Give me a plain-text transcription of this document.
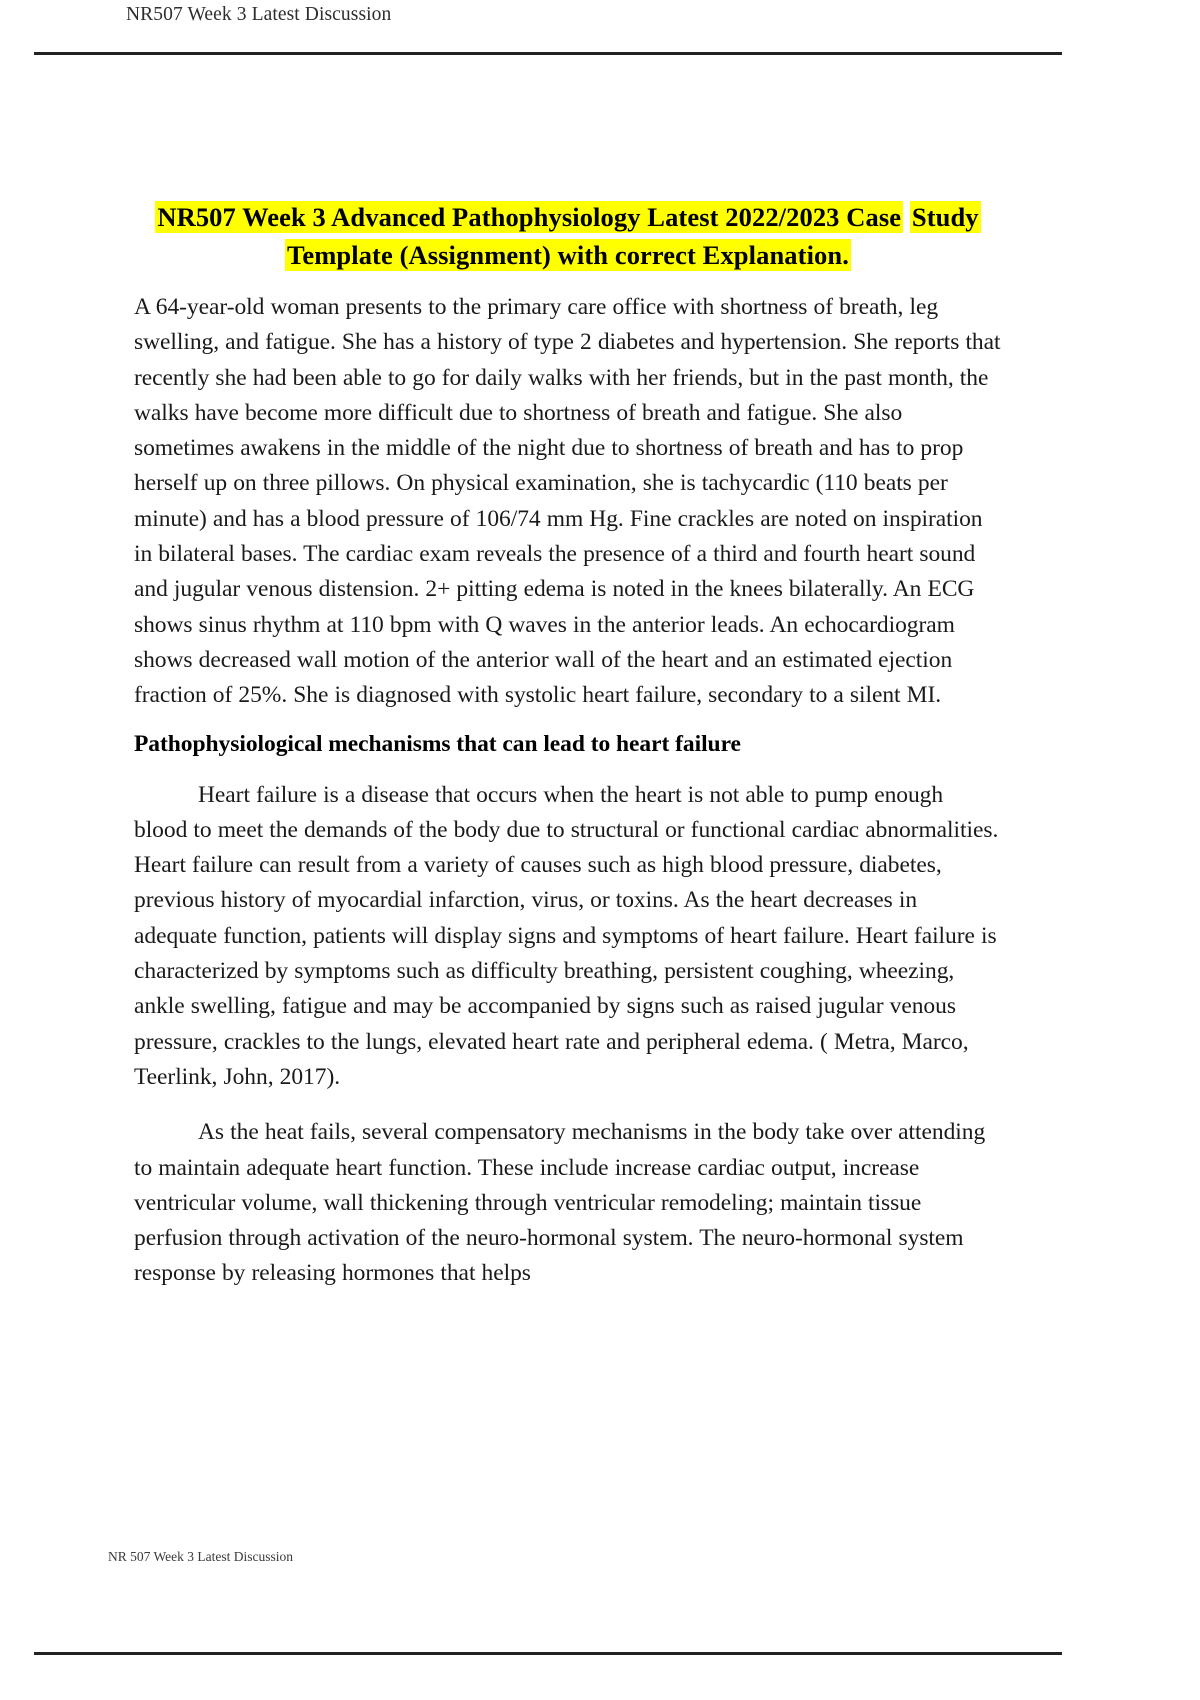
NR507 Week 3 Latest Discussion
NR507 Week 3 Advanced Pathophysiology Latest 2022/2023 Case Study Template (Assignment) with correct Explanation.

A 64-year-old woman presents to the primary care office with shortness of breath, leg swelling, and fatigue. She has a history of type 2 diabetes and hypertension. She reports that recently she had been able to go for daily walks with her friends, but in the past month, the walks have become more difficult due to shortness of breath and fatigue. She also sometimes awakens in the middle of the night due to shortness of breath and has to prop herself up on three pillows. On physical examination, she is tachycardic (110 beats per minute) and has a blood pressure of 106/74 mm Hg. Fine crackles are noted on inspiration in bilateral bases. The cardiac exam reveals the presence of a third and fourth heart sound and jugular venous distension. 2+ pitting edema is noted in the knees bilaterally. An ECG shows sinus rhythm at 110 bpm with Q waves in the anterior leads. An echocardiogram shows decreased wall motion of the anterior wall of the heart and an estimated ejection fraction of 25%. She is diagnosed with systolic heart failure, secondary to a silent MI.

Pathophysiological mechanisms that can lead to heart failure

Heart failure is a disease that occurs when the heart is not able to pump enough blood to meet the demands of the body due to structural or functional cardiac abnormalities. Heart failure can result from a variety of causes such as high blood pressure, diabetes, previous history of myocardial infarction, virus, or toxins. As the heart decreases in adequate function, patients will display signs and symptoms of heart failure. Heart failure is characterized by symptoms such as difficulty breathing, persistent coughing, wheezing, ankle swelling, fatigue and may be accompanied by signs such as raised jugular venous pressure, crackles to the lungs, elevated heart rate and peripheral edema. ( Metra, Marco, Teerlink, John, 2017).

As the heat fails, several compensatory mechanisms in the body take over attending to maintain adequate heart function. These include increase cardiac output, increase ventricular volume, wall thickening through ventricular remodeling; maintain tissue perfusion through activation of the neuro-hormonal system. The neuro-hormonal system response by releasing hormones that helps

NR 507 Week 3 Latest Discussion
